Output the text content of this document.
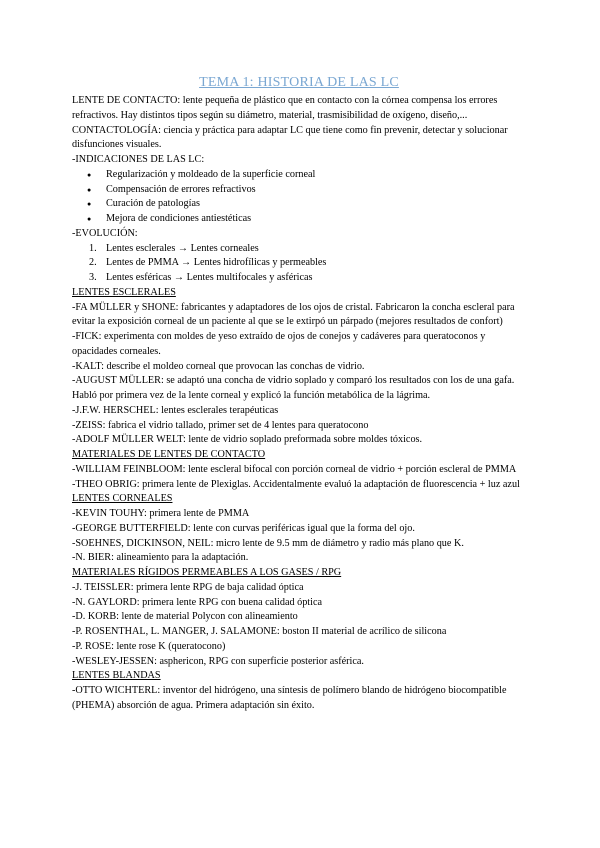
TEMA 1: HISTORIA DE LAS LC

LENTE DE CONTACTO: lente pequeña de plástico que en contacto con la córnea compensa los errores refractivos. Hay distintos tipos según su diámetro, material, trasmisibilidad de oxígeno, diseño,...

CONTACTOLOGÍA: ciencia y práctica para adaptar LC que tiene como fin prevenir, detectar y solucionar disfunciones visuales.

-INDICACIONES DE LAS LC:

● Regularización y moldeado de la superficie corneal
● Compensación de errores refractivos
● Curación de patologías
● Mejora de condiciones antiestéticas

-EVOLUCIÓN:

1. Lentes esclerales → Lentes corneales
2. Lentes de PMMA → Lentes hidrofílicas y permeables
3. Lentes esféricas → Lentes multifocales y asféricas

LENTES ESCLERALES

-FA MÜLLER y SHONE: fabricantes y adaptadores de los ojos de cristal. Fabricaron la concha escleral para evitar la exposición corneal de un paciente al que se le extirpó un párpado (mejores resultados de confort)

-FICK: experimenta con moldes de yeso extraído de ojos de conejos y cadáveres para queratoconos y opacidades corneales.

-KALT: describe el moldeo corneal que provocan las conchas de vidrio.

-AUGUST MÜLLER: se adaptó una concha de vidrio soplado y comparó los resultados con los de una gafa. Habló por primera vez de la lente corneal y explicó la función metabólica de la lágrima.

-J.F.W. HERSCHEL: lentes esclerales terapéuticas

-ZEISS: fabrica el vidrio tallado, primer set de 4 lentes para queratocono

-ADOLF MÜLLER WELT: lente de vidrio soplado preformada sobre moldes tóxicos.

MATERIALES DE LENTES DE CONTACTO

-WILLIAM FEINBLOOM: lente escleral bifocal con porción corneal de vidrio + porción escleral de PMMA

-THEO OBRIG: primera lente de Plexiglas. Accidentalmente evaluó la adaptación de fluorescencia + luz azul

LENTES CORNEALES

-KEVIN TOUHY: primera lente de PMMA

-GEORGE BUTTERFIELD: lente con curvas periféricas igual que la forma del ojo.

-SOEHNES, DICKINSON, NEIL: micro lente de 9.5 mm de diámetro y radio más plano que K.

-N. BIER: alineamiento para la adaptación.

MATERIALES RÍGIDOS PERMEABLES A LOS GASES / RPG

-J. TEISSLER: primera lente RPG de baja calidad óptica

-N. GAYLORD: primera lente RPG con buena calidad óptica

-D. KORB: lente de material Polycon con alineamiento

-P. ROSENTHAL, L. MANGER, J. SALAMONE: boston II material de acrílico de silicona

-P. ROSE: lente rose K (queratocono)

-WESLEY-JESSEN: asphericon, RPG con superficie posterior asférica.

LENTES BLANDAS

-OTTO WICHTERL: inventor del hidrógeno, una síntesis de polímero blando de hidrógeno biocompatible (PHEMA) absorción de agua. Primera adaptación sin éxito.
